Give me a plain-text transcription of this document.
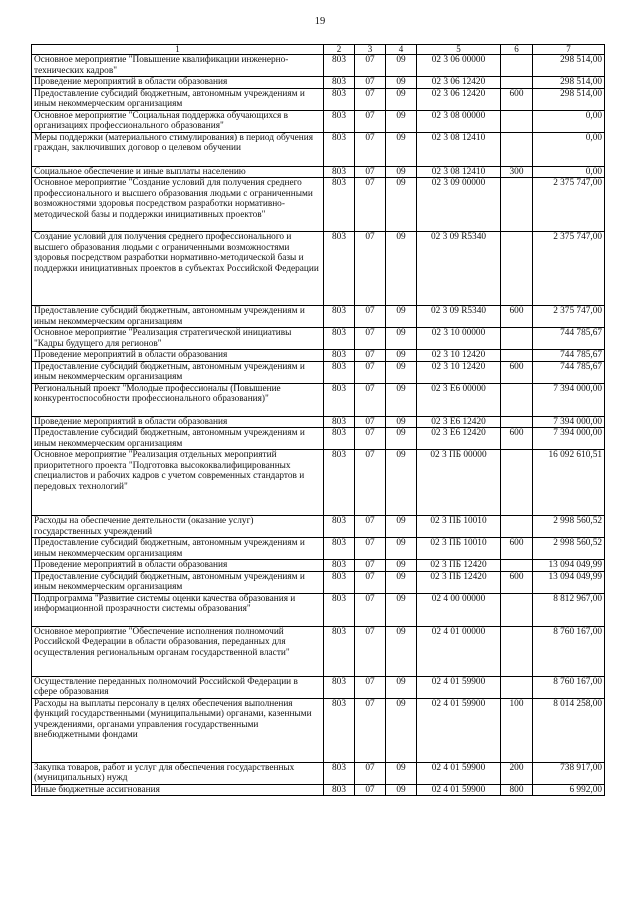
19
1	2	3	4	5	6	7
Основное мероприятие "Повышение квалификации инженерно-технических кадров"	803	07	09	02 3 06 00000		298 514,00
Проведение мероприятий в области образования	803	07	09	02 3 06 12420		298 514,00
Предоставление субсидий бюджетным, автономным учреждениям и иным некоммерческим организациям	803	07	09	02 3 06 12420	600	298 514,00
Основное мероприятие "Социальная поддержка обучающихся в организациях профессионального образования"	803	07	09	02 3 08 00000		0,00
Меры поддержки (материального стимулирования) в период обучения граждан, заключивших договор о целевом обучении	803	07	09	02 3 08 12410		0,00
Социальное обеспечение и иные выплаты населению	803	07	09	02 3 08 12410	300	0,00
Основное мероприятие "Создание условий для получения среднего профессионального и высшего образования людьми с ограниченными возможностями здоровья посредством разработки нормативно-методической базы и поддержки инициативных проектов"	803	07	09	02 3 09 00000		2 375 747,00
Создание условий для получения среднего профессионального и высшего образования людьми с ограниченными возможностями здоровья посредством разработки нормативно-методической базы и поддержки инициативных проектов в субъектах Российской Федерации	803	07	09	02 3 09 R5340		2 375 747,00
Предоставление субсидий бюджетным, автономным учреждениям и иным некоммерческим организациям	803	07	09	02 3 09 R5340	600	2 375 747,00
Основное мероприятие "Реализация стратегической инициативы "Кадры будущего для регионов"	803	07	09	02 3 10 00000		744 785,67
Проведение мероприятий в области образования	803	07	09	02 3 10 12420		744 785,67
Предоставление субсидий бюджетным, автономным учреждениям и иным некоммерческим организациям	803	07	09	02 3 10 12420	600	744 785,67
Региональный проект "Молодые профессионалы (Повышение конкурентоспособности профессионального образования)"	803	07	09	02 3 E6 00000		7 394 000,00
Проведение мероприятий в области образования	803	07	09	02 3 E6 12420		7 394 000,00
Предоставление субсидий бюджетным, автономным учреждениям и иным некоммерческим организациям	803	07	09	02 3 E6 12420	600	7 394 000,00
Основное мероприятие "Реализация отдельных мероприятий приоритетного проекта "Подготовка высококвалифицированных специалистов и рабочих кадров с учетом современных стандартов и передовых технологий"	803	07	09	02 3 ПБ 00000		16 092 610,51
Расходы на обеспечение деятельности (оказание услуг) государственных учреждений	803	07	09	02 3 ПБ 10010		2 998 560,52
Предоставление субсидий бюджетным, автономным учреждениям и иным некоммерческим организациям	803	07	09	02 3 ПБ 10010	600	2 998 560,52
Проведение мероприятий в области образования	803	07	09	02 3 ПБ 12420		13 094 049,99
Предоставление субсидий бюджетным, автономным учреждениям и иным некоммерческим организациям	803	07	09	02 3 ПБ 12420	600	13 094 049,99
Подпрограмма "Развитие системы оценки качества образования и информационной прозрачности системы образования"	803	07	09	02 4 00 00000		8 812 967,00
Основное мероприятие "Обеспечение исполнения полномочий Российской Федерации в области образования, переданных для осуществления региональным органам государственной власти"	803	07	09	02 4 01 00000		8 760 167,00
Осуществление переданных полномочий Российской Федерации в сфере образования	803	07	09	02 4 01 59900		8 760 167,00
Расходы на выплаты персоналу в целях обеспечения выполнения функций государственными (муниципальными) органами, казенными учреждениями, органами управления государственными внебюджетными фондами	803	07	09	02 4 01 59900	100	8 014 258,00
Закупка товаров, работ и услуг для обеспечения государственных (муниципальных) нужд	803	07	09	02 4 01 59900	200	738 917,00
Иные бюджетные ассигнования	803	07	09	02 4 01 59900	800	6 992,00
